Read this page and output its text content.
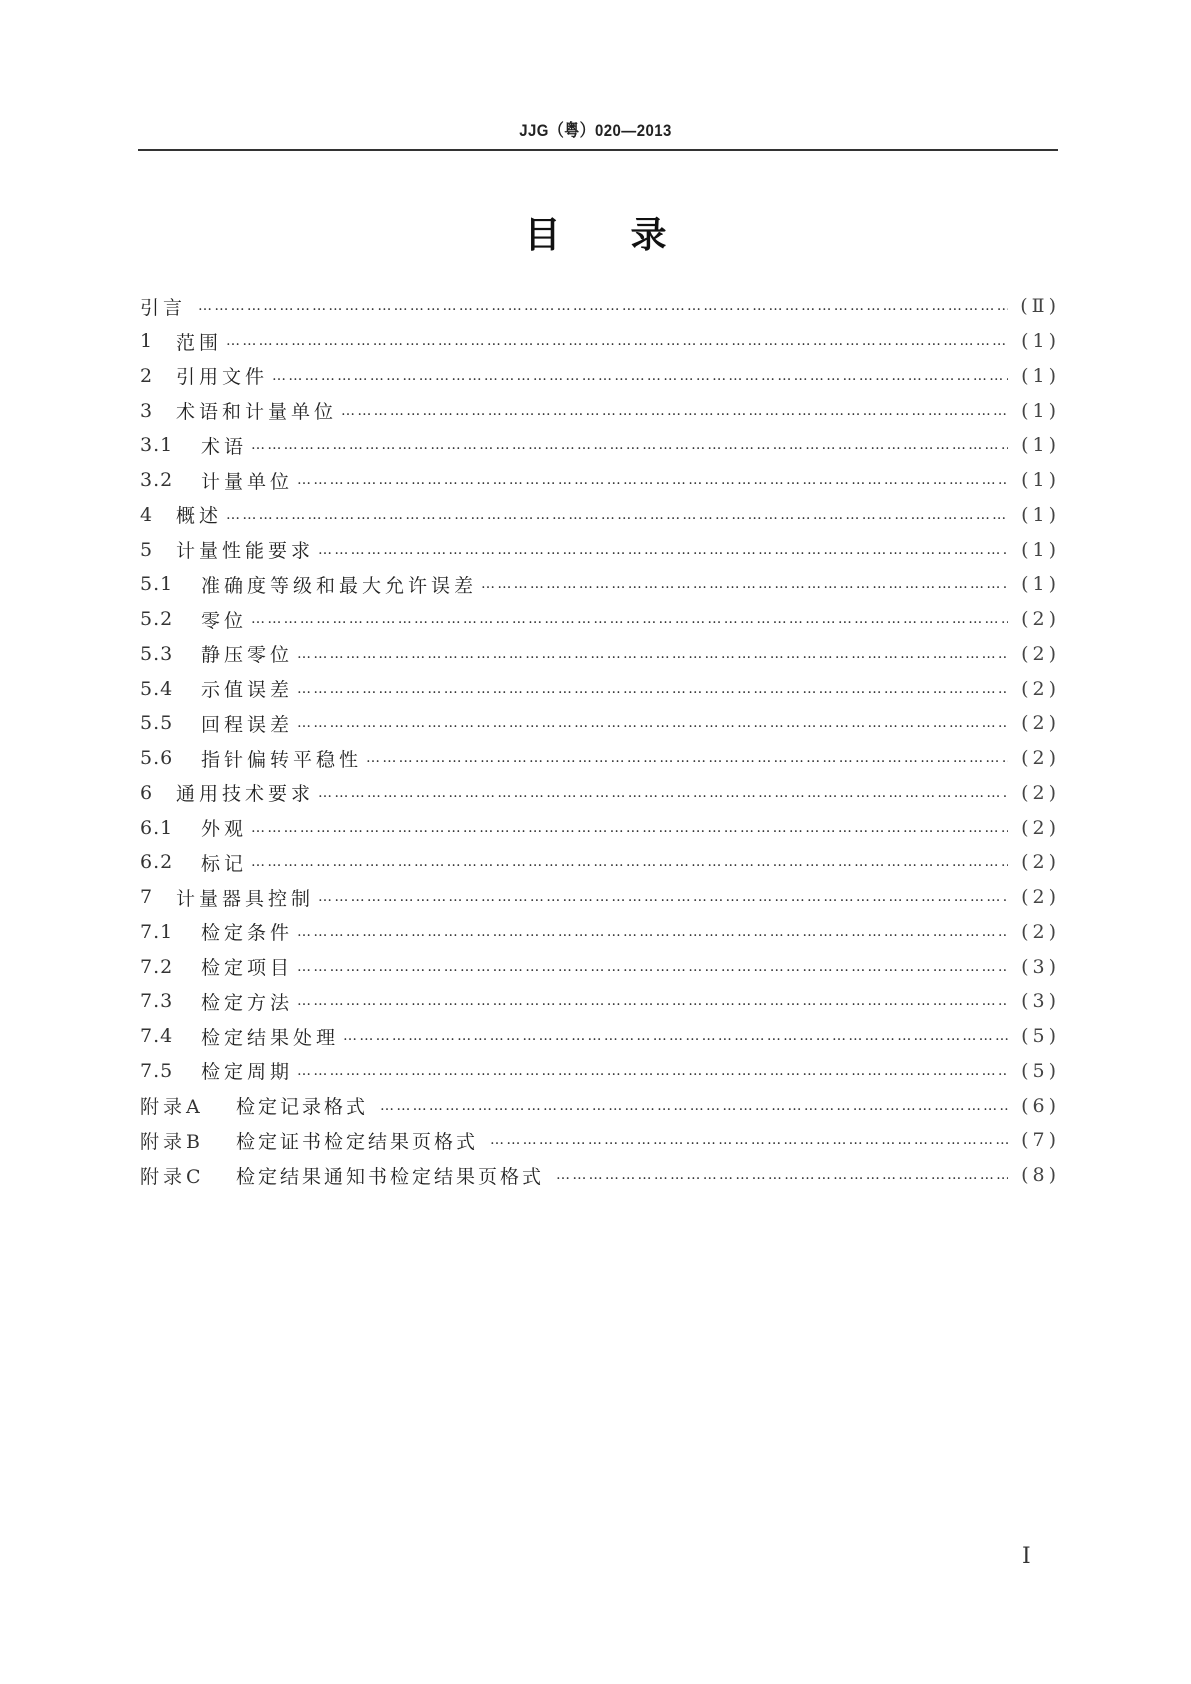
JJG（粤）020—2013
目 录
引言 ………………………………………………………………………………………………………………………………………………………………	(Ⅱ)
1	范围 ………………………………………………………………………………………………………………………………………………………………	(1)
2	引用文件 ………………………………………………………………………………………………………………………………………………………………	(1)
3	术语和计量单位 ………………………………………………………………………………………………………………………………………………………………	(1)
3.1	术语 ………………………………………………………………………………………………………………………………………………………………	(1)
3.2	计量单位 ………………………………………………………………………………………………………………………………………………………………	(1)
4	概述 ………………………………………………………………………………………………………………………………………………………………	(1)
5	计量性能要求 ………………………………………………………………………………………………………………………………………………………………	(1)
5.1	准确度等级和最大允许误差 ………………………………………………………………………………………………………………………………………………………………	(1)
5.2	零位 ………………………………………………………………………………………………………………………………………………………………	(2)
5.3	静压零位 ………………………………………………………………………………………………………………………………………………………………	(2)
5.4	示值误差 ………………………………………………………………………………………………………………………………………………………………	(2)
5.5	回程误差 ………………………………………………………………………………………………………………………………………………………………	(2)
5.6	指针偏转平稳性 ………………………………………………………………………………………………………………………………………………………………	(2)
6	通用技术要求 ………………………………………………………………………………………………………………………………………………………………	(2)
6.1	外观 ………………………………………………………………………………………………………………………………………………………………	(2)
6.2	标记 ………………………………………………………………………………………………………………………………………………………………	(2)
7	计量器具控制 ………………………………………………………………………………………………………………………………………………………………	(2)
7.1	检定条件 ………………………………………………………………………………………………………………………………………………………………	(2)
7.2	检定项目 ………………………………………………………………………………………………………………………………………………………………	(3)
7.3	检定方法 ………………………………………………………………………………………………………………………………………………………………	(3)
7.4	检定结果处理 ………………………………………………………………………………………………………………………………………………………………	(5)
7.5	检定周期 ………………………………………………………………………………………………………………………………………………………………	(5)
附录A	检定记录格式 ………………………………………………………………………………………………………………………………………………………………	(6)
附录B	检定证书检定结果页格式 ………………………………………………………………………………………………………………………………………………………………	(7)
附录C	检定结果通知书检定结果页格式 ………………………………………………………………………………………………………………………………………………………………	(8)
I
